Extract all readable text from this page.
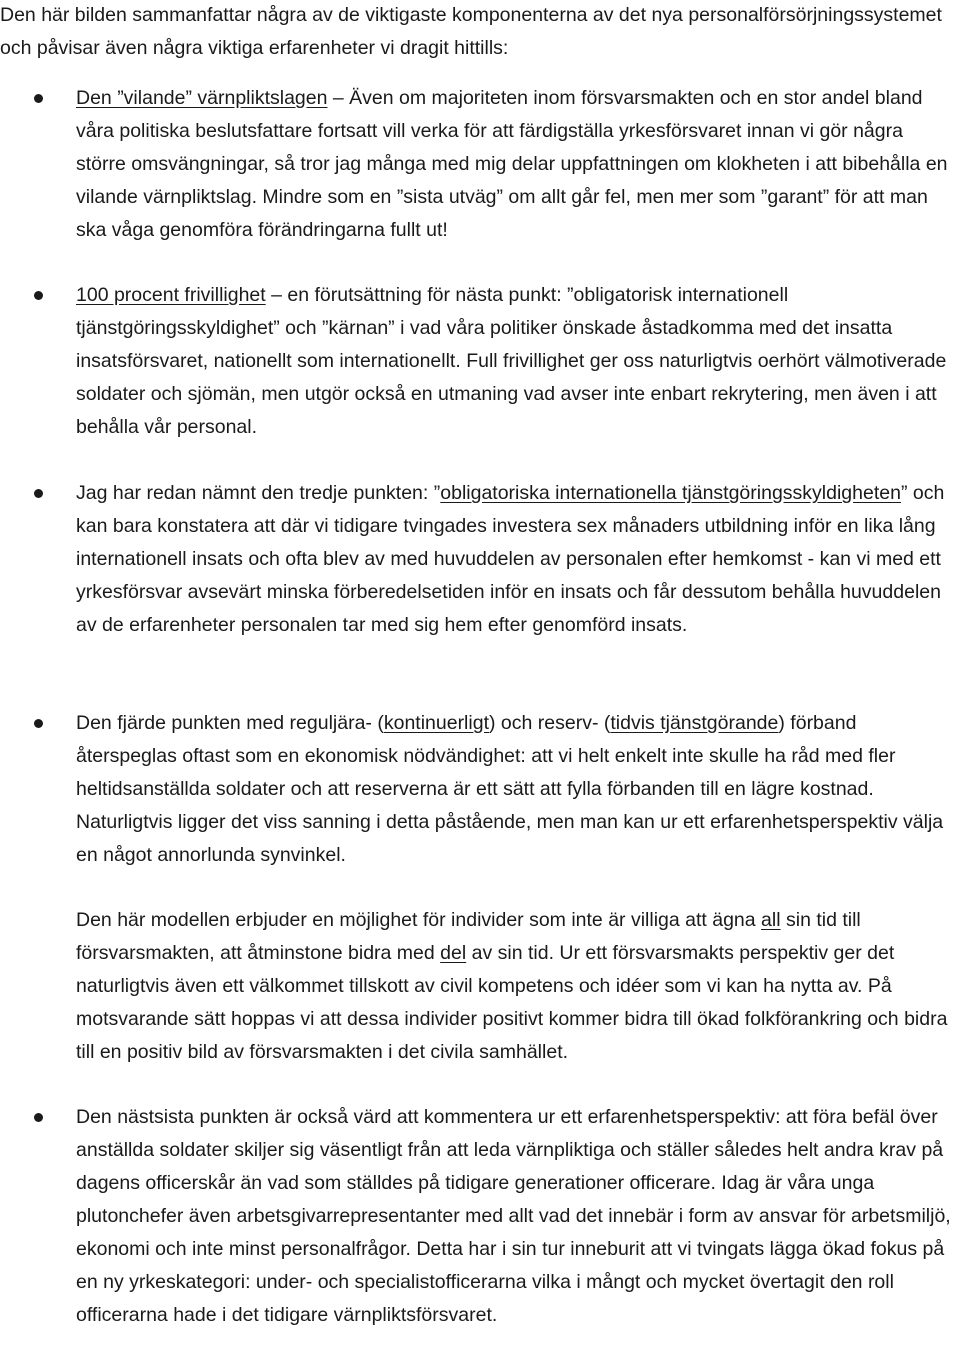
Den här bilden sammanfattar några av de viktigaste komponenterna av det nya personalförsörjningssystemet och påvisar även några viktiga erfarenheter vi dragit hittills:

Den ”vilande” värnpliktslagen – Även om majoriteten inom försvarsmakten och en stor andel bland våra politiska beslutsfattare fortsatt vill verka för att färdigställa yrkesförsvaret innan vi gör några större omsvängningar, så tror jag många med mig delar uppfattningen om klokheten i att bibehålla en vilande värnpliktslag. Mindre som en ”sista utväg” om allt går fel, men mer som ”garant” för att man ska våga genomföra förändringarna fullt ut!
100 procent frivillighet – en förutsättning för nästa punkt: ”obligatorisk internationell tjänstgöringsskyldighet” och ”kärnan” i vad våra politiker önskade åstadkomma med det insatta insatsförsvaret, nationellt som internationellt. Full frivillighet ger oss naturligtvis oerhört välmotiverade soldater och sjömän, men utgör också en utmaning vad avser inte enbart rekrytering, men även i att behålla vår personal.
Jag har redan nämnt den tredje punkten: ”obligatoriska internationella tjänstgöringsskyldigheten” och kan bara konstatera att där vi tidigare tvingades investera sex månaders utbildning inför en lika lång internationell insats och ofta blev av med huvuddelen av personalen efter hemkomst - kan vi med ett yrkesförsvar avsevärt minska förberedelsetiden inför en insats och får dessutom behålla huvuddelen av de erfarenheter personalen tar med sig hem efter genomförd insats.
Den fjärde punkten med reguljära- (kontinuerligt) och reserv- (tidvis tjänstgörande) förband återspeglas oftast som en ekonomisk nödvändighet: att vi helt enkelt inte skulle ha råd med fler heltidsanställda soldater och att reserverna är ett sätt att fylla förbanden till en lägre kostnad. Naturligtvis ligger det viss sanning i detta påstående, men man kan ur ett erfarenhetsperspektiv välja en något annorlunda synvinkel.

Den här modellen erbjuder en möjlighet för individer som inte är villiga att ägna all sin tid till försvarsmakten, att åtminstone bidra med del av sin tid. Ur ett försvarsmakts perspektiv ger det naturligtvis även ett välkommet tillskott av civil kompetens och idéer som vi kan ha nytta av. På motsvarande sätt hoppas vi att dessa individer positivt kommer bidra till ökad folkförankring och bidra till en positiv bild av försvarsmakten i det civila samhället.

Den nästsista punkten är också värd att kommentera ur ett erfarenhetsperspektiv: att föra befäl över anställda soldater skiljer sig väsentligt från att leda värnpliktiga och ställer således helt andra krav på dagens officerskår än vad som ställdes på tidigare generationer officerare. Idag är våra unga plutonchefer även arbetsgivarrepresentanter med allt vad det innebär i form av ansvar för arbetsmiljö, ekonomi och inte minst personalfrågor. Detta har i sin tur inneburit att vi tvingats lägga ökad fokus på en ny yrkeskategori: under- och specialistofficerarna vilka i mångt och mycket övertagit den roll officerarna hade i det tidigare värnpliktsförsvaret.
